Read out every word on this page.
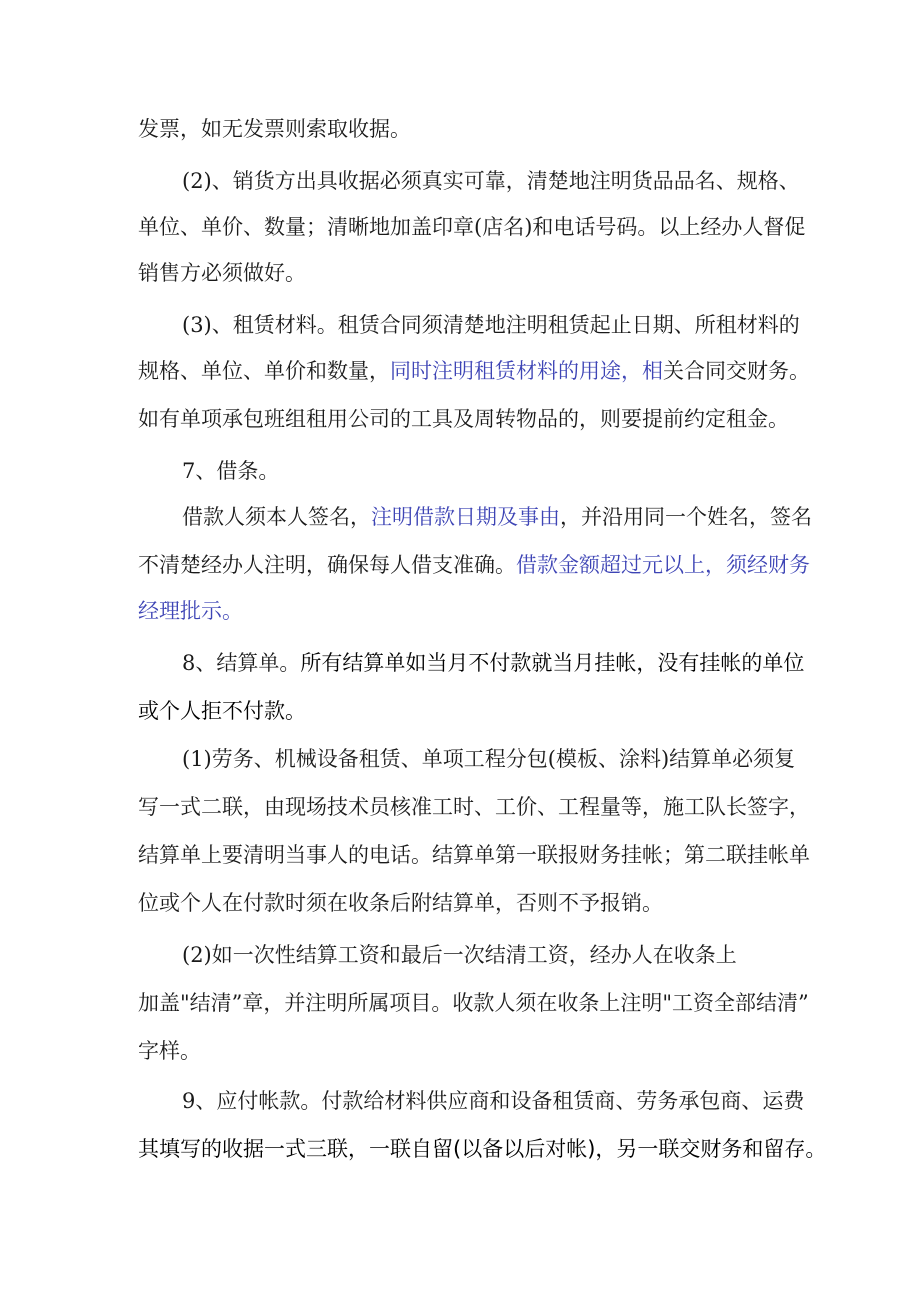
发票，如无发票则索取收据。
(2)、销货方出具收据必须真实可靠，清楚地注明货品品名、规格、
单位、单价、数量；清晰地加盖印章(店名)和电话号码。以上经办人督促
销售方必须做好。
(3)、租赁材料。租赁合同须清楚地注明租赁起止日期、所租材料的
规格、单位、单价和数量，同时注明租赁材料的用途，相关合同交财务。
如有单项承包班组租用公司的工具及周转物品的，则要提前约定租金。
7、借条。
借款人须本人签名，注明借款日期及事由，并沿用同一个姓名，签名
不清楚经办人注明，确保每人借支准确。借款金额超过元以上，须经财务
经理批示。
8、结算单。所有结算单如当月不付款就当月挂帐，没有挂帐的单位
或个人拒不付款。
(1)劳务、机械设备租赁、单项工程分包(模板、涂料)结算单必须复
写一式二联，由现场技术员核准工时、工价、工程量等，施工队长签字，
结算单上要清明当事人的电话。结算单第一联报财务挂帐；第二联挂帐单
位或个人在付款时须在收条后附结算单，否则不予报销。
(2)如一次性结算工资和最后一次结清工资，经办人在收条上
加盖"结清”章，并注明所属项目。收款人须在收条上注明"工资全部结清”
字样。
9、应付帐款。付款给材料供应商和设备租赁商、劳务承包商、运费
其填写的收据一式三联，一联自留(以备以后对帐)，另一联交财务和留存。
